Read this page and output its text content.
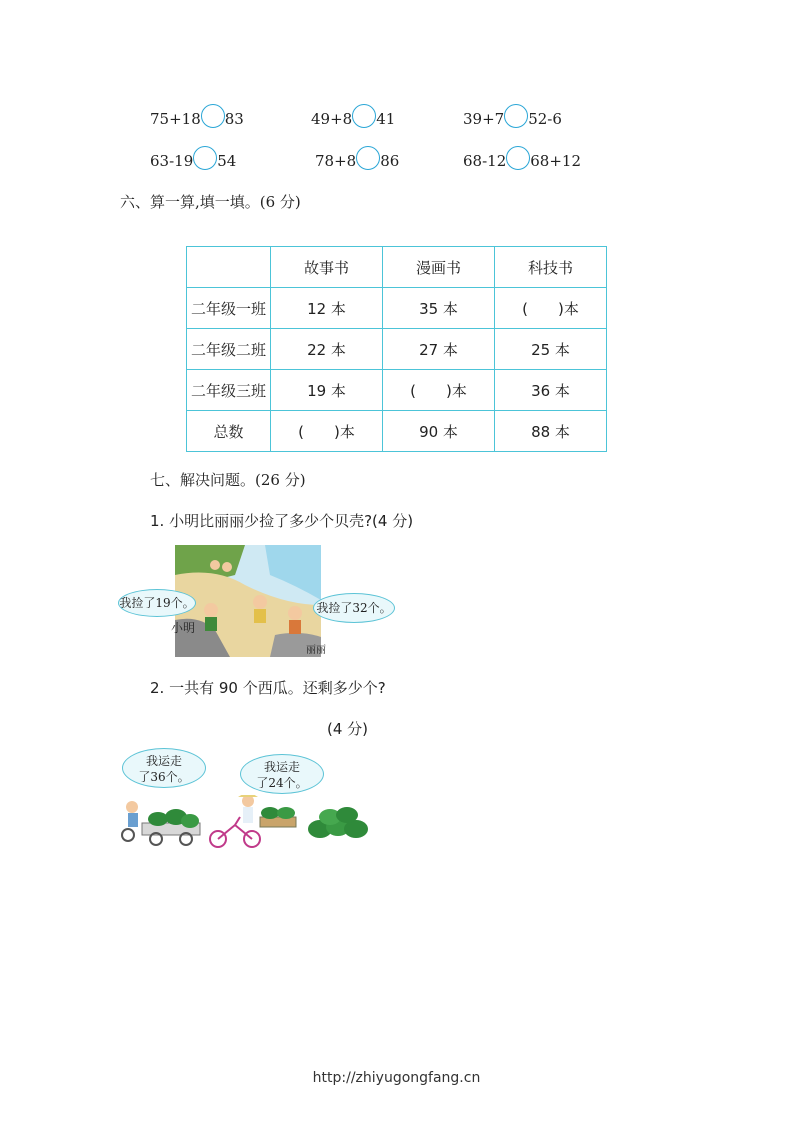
75+18 83	49+8 41	39+7 52-6
63-19 54	78+8 86	68-12 68+12
六、算一算,填一填。(6 分)
	故事书	漫画书	科技书
二年级一班	12 本	35 本	(　　)本
二年级二班	22 本	27 本	25 本
二年级三班	19 本	(　　)本	36 本
总数	(　　)本	90 本	88 本
七、解决问题。(26 分)
1. 小明比丽丽少捡了多少个贝壳?(4 分)
我捡了19个。	我捡了32个。
小明
丽丽
2. 一共有 90 个西瓜。还剩多少个?
(4 分)
我运走
了36个。
我运走
了24个。
http://zhiyugongfang.cn
